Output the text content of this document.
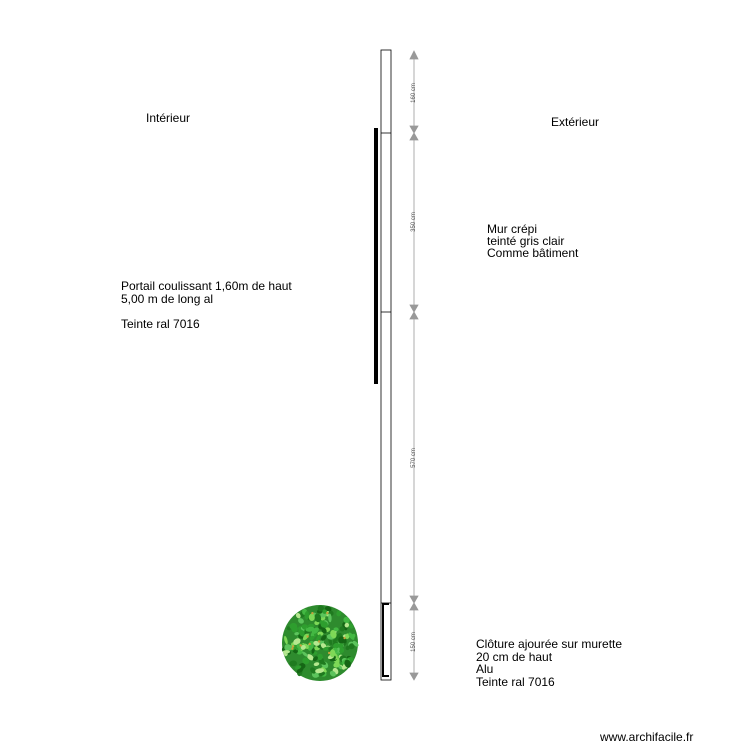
160 cm
350 cm
570 cm
150 cm
Intérieur	Extérieur
Mur crépi
teinté gris clair
Comme bâtiment
Portail coulissant 1,60m de haut
5,00 m de long al
Teinte ral 7016
Clôture ajourée sur murette
20 cm de haut
Alu
Teinte ral 7016
www.archifacile.fr
